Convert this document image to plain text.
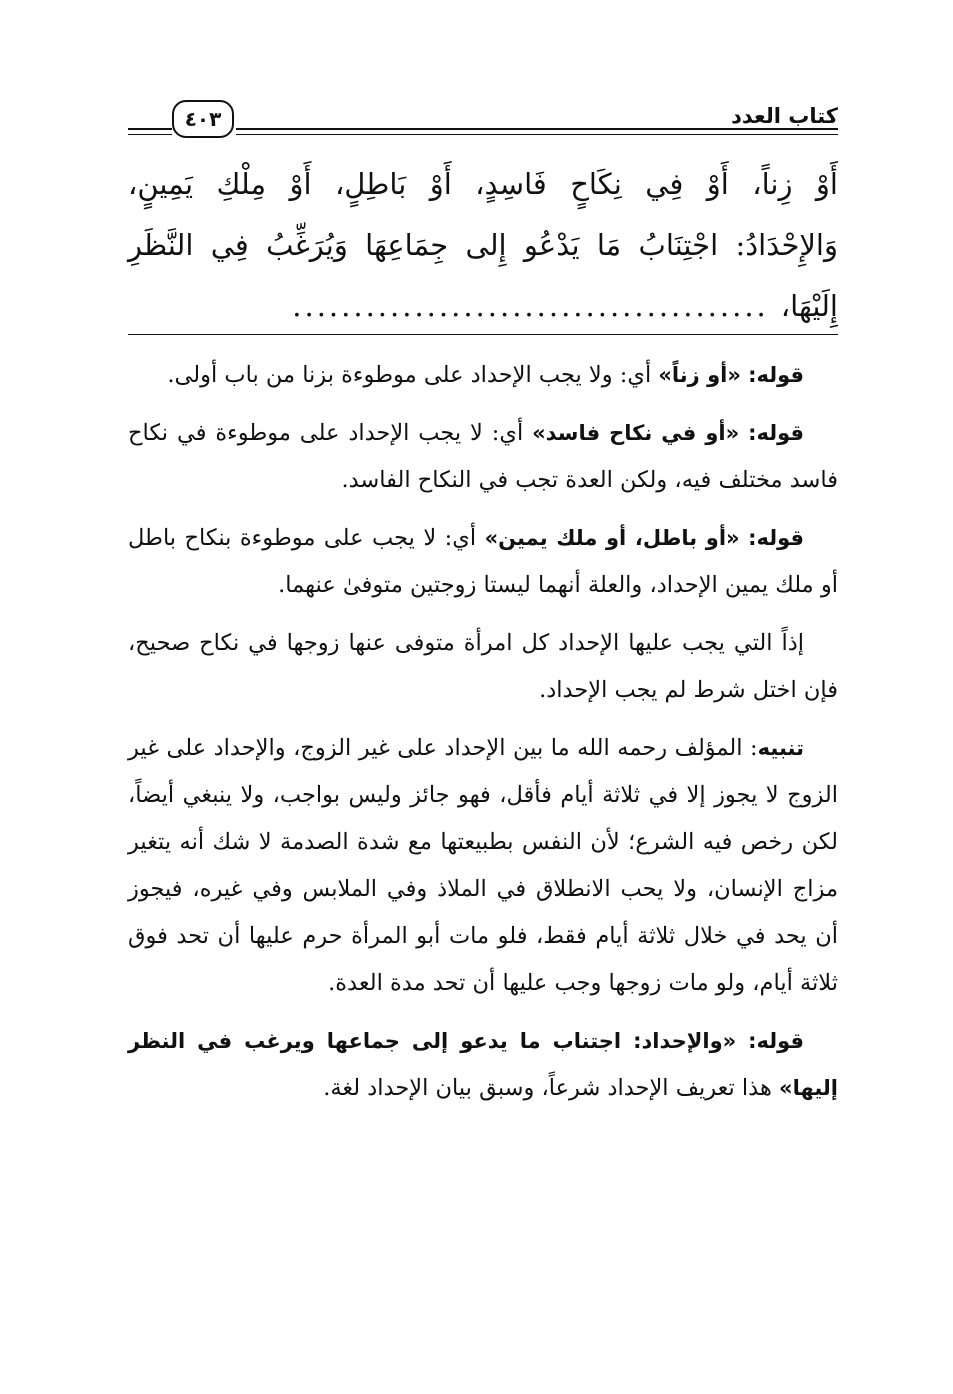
كتاب العدد
٤٠٣
أَوْ زِناً، أَوْ فِي نِكَاحٍ فَاسِدٍ، أَوْ بَاطِلٍ، أَوْ مِلْكِ يَمِينٍ،
وَالإِحْدَادُ: اجْتِنَابُ مَا يَدْعُو إِلى جِمَاعِهَا وَيُرَغِّبُ فِي النَّظَرِ
إِلَيْهَا،
.......................................

قوله: «أو زناً» أي: ولا يجب الإحداد على موطوءة بزنا من باب أولى.

قوله: «أو في نكاح فاسد» أي: لا يجب الإحداد على موطوءة في نكاح فاسد مختلف فيه، ولكن العدة تجب في النكاح الفاسد.

قوله: «أو باطل، أو ملك يمين» أي: لا يجب على موطوءة بنكاح باطل أو ملك يمين الإحداد، والعلة أنهما ليستا زوجتين متوفىٰ عنهما.

إذاً التي يجب عليها الإحداد كل امرأة متوفى عنها زوجها في نكاح صحيح، فإن اختل شرط لم يجب الإحداد.

تنبيه: المؤلف رحمه الله ما بين الإحداد على غير الزوج، والإحداد على غير الزوج لا يجوز إلا في ثلاثة أيام فأقل، فهو جائز وليس بواجب، ولا ينبغي أيضاً، لكن رخص فيه الشرع؛ لأن النفس بطبيعتها مع شدة الصدمة لا شك أنه يتغير مزاج الإنسان، ولا يحب الانطلاق في الملاذ وفي الملابس وفي غيره، فيجوز أن يحد في خلال ثلاثة أيام فقط، فلو مات أبو المرأة حرم عليها أن تحد فوق ثلاثة أيام، ولو مات زوجها وجب عليها أن تحد مدة العدة.

قوله: «والإحداد: اجتناب ما يدعو إلى جماعها ويرغب في النظر إليها» هذا تعريف الإحداد شرعاً، وسبق بيان الإحداد لغة.
